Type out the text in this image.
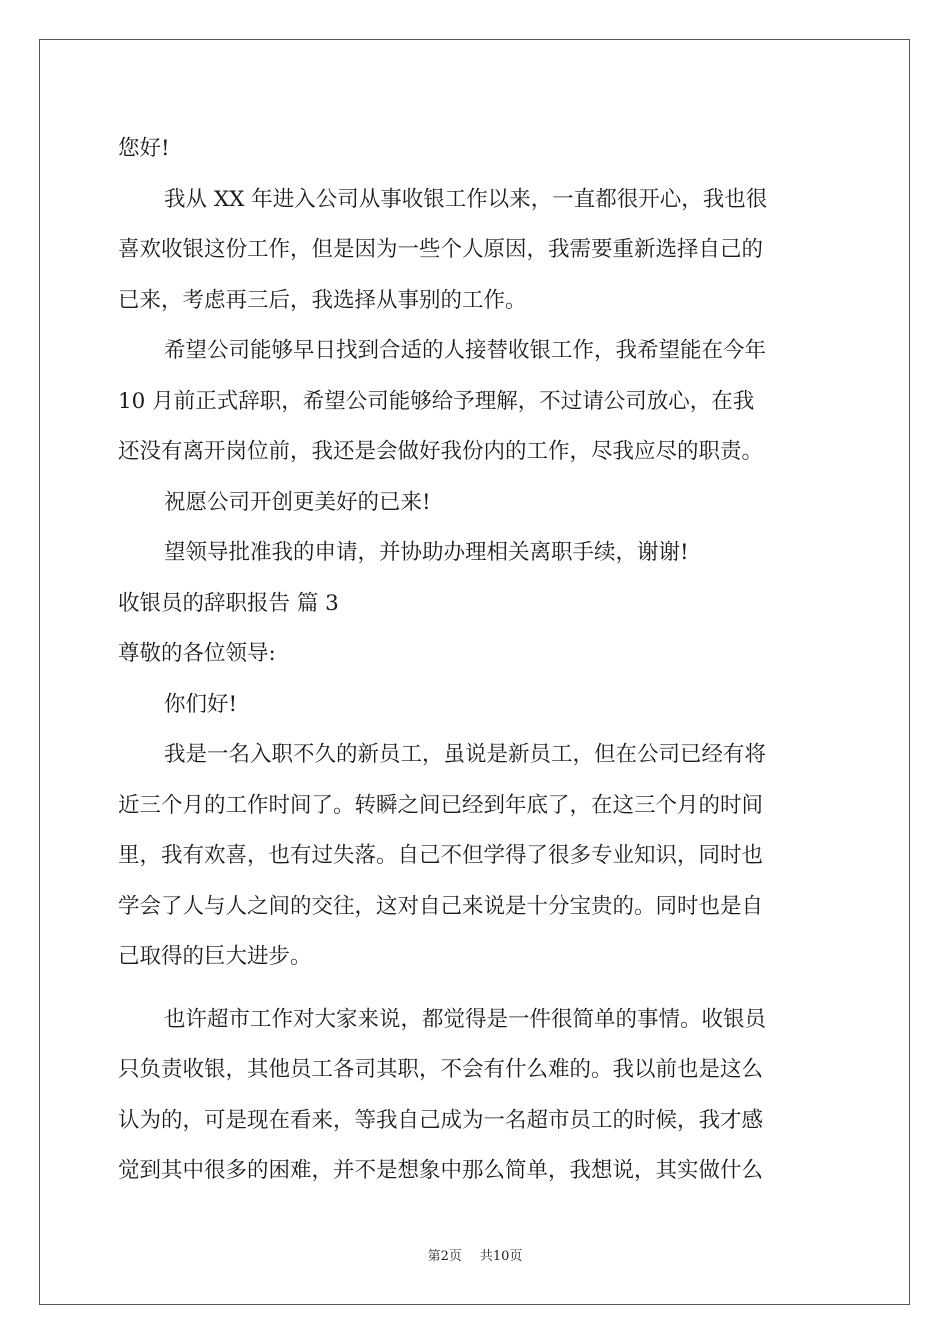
您好!
我从 XX 年进入公司从事收银工作以来，一直都很开心，我也很
喜欢收银这份工作，但是因为一些个人原因，我需要重新选择自己的
已来，考虑再三后，我选择从事别的工作。
希望公司能够早日找到合适的人接替收银工作，我希望能在今年
10 月前正式辞职，希望公司能够给予理解，不过请公司放心，在我
还没有离开岗位前，我还是会做好我份内的工作，尽我应尽的职责。
祝愿公司开创更美好的已来!
望领导批准我的申请，并协助办理相关离职手续，谢谢!
收银员的辞职报告 篇 3
尊敬的各位领导:
你们好!
我是一名入职不久的新员工，虽说是新员工，但在公司已经有将
近三个月的工作时间了。转瞬之间已经到年底了，在这三个月的时间
里，我有欢喜，也有过失落。自己不但学得了很多专业知识，同时也
学会了人与人之间的交往，这对自己来说是十分宝贵的。同时也是自
己取得的巨大进步。
也许超市工作对大家来说，都觉得是一件很简单的事情。收银员
只负责收银，其他员工各司其职，不会有什么难的。我以前也是这么
认为的，可是现在看来，等我自己成为一名超市员工的时候，我才感
觉到其中很多的困难，并不是想象中那么简单，我想说，其实做什么
第2页 共10页
